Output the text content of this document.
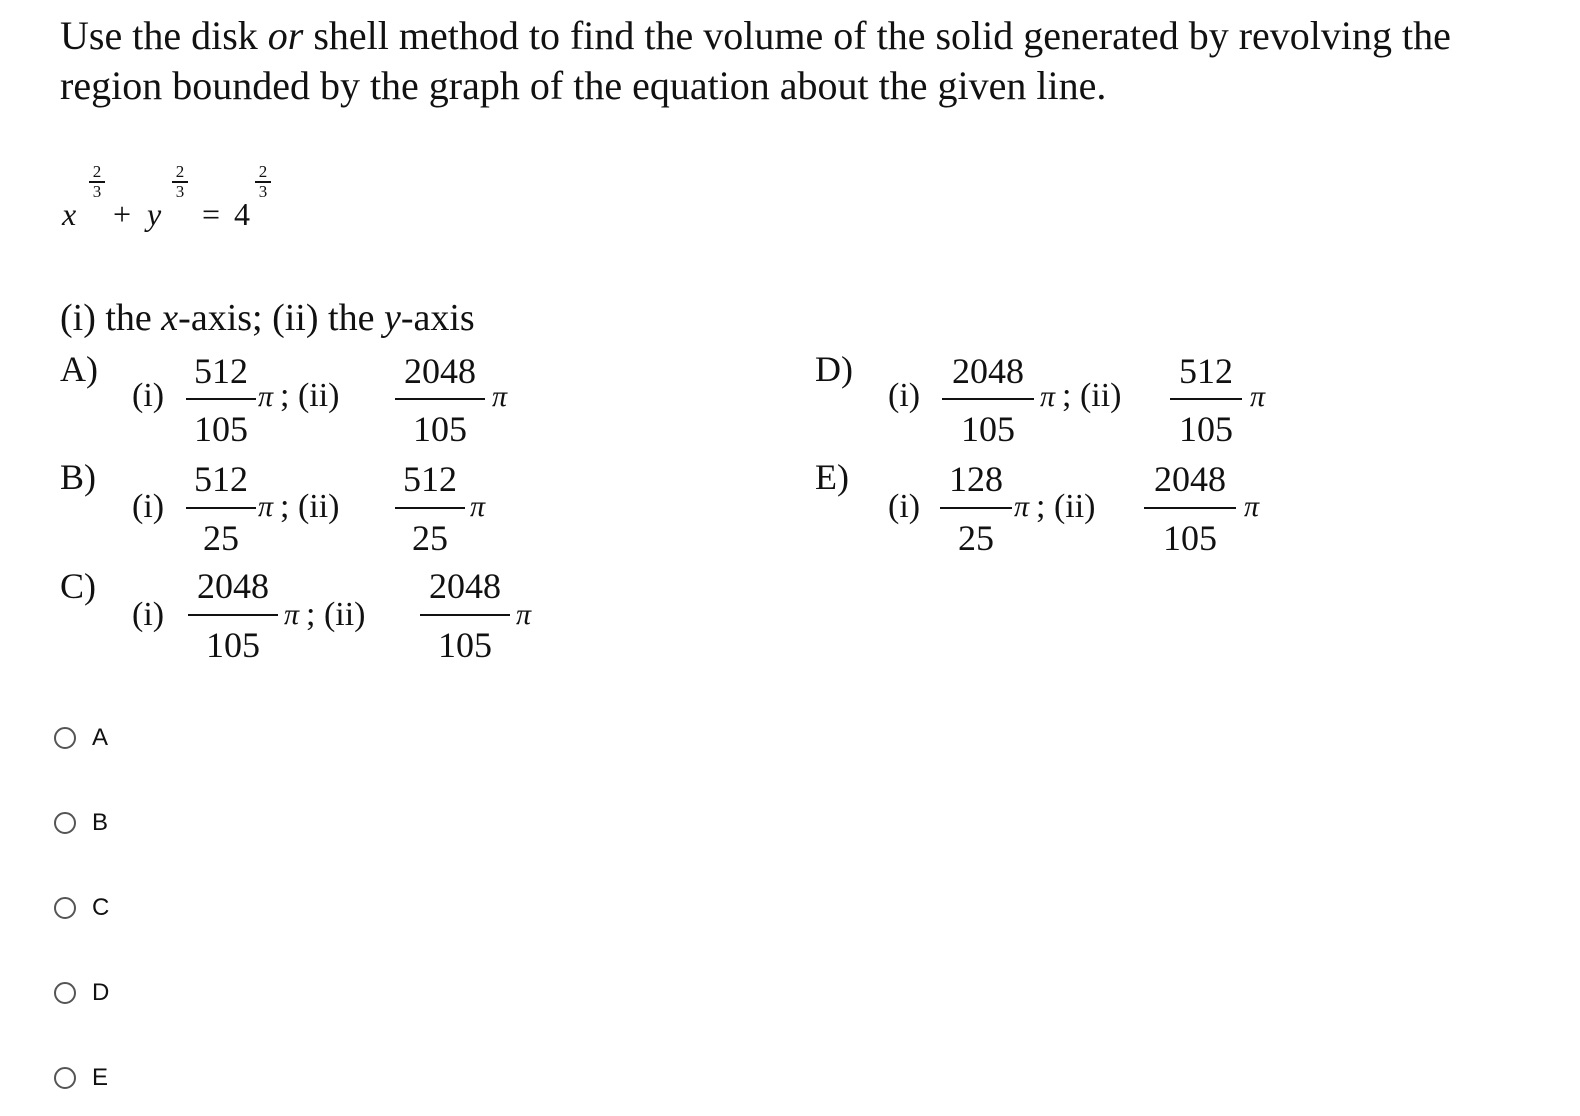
Use the disk or shell method to find the volume of the solid generated by revolving the
region bounded by the graph of the equation about the given line.
x
2
3
+ y
2
3
= 4
2
3
(i) the x-axis; (ii) the y-axis
A)
(i)
512
105
π ; (ii)
2048
105
π
B)
(i)
512
25
π ; (ii)
512
25
π
C)
(i)
2048
105
π ; (ii)
2048
105
π
D)
(i)
2048
105
π ; (ii)
512
105
π
E)
(i)
128
25
π ; (ii)
2048
105
π
A
B
C
D
E
